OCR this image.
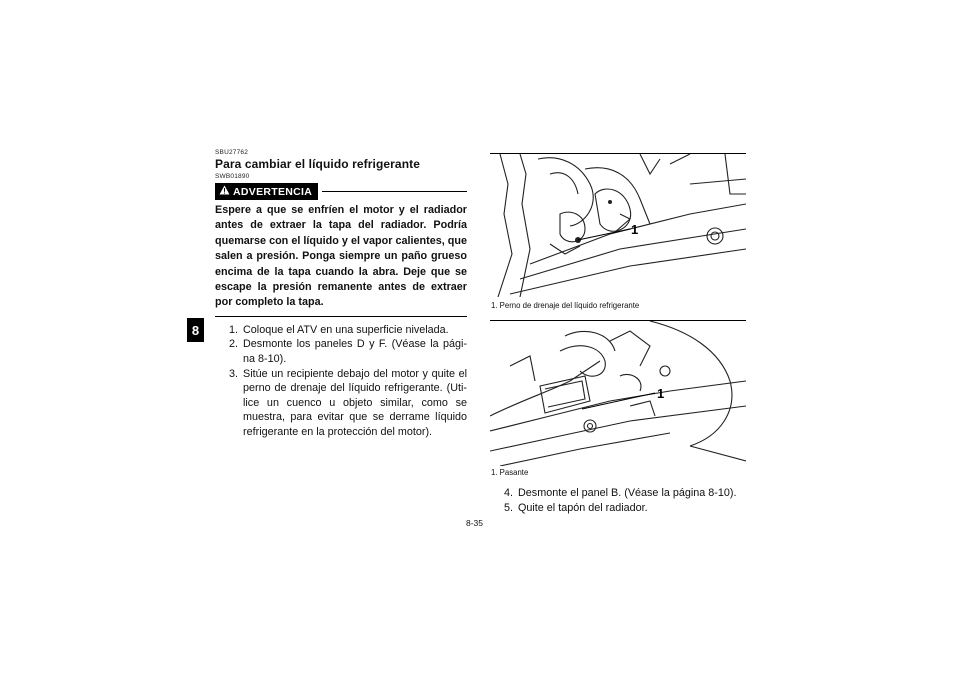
8
SBU27762
Para cambiar el líquido refrigerante
SWB01890
ADVERTENCIA
Espere a que se enfríen el motor y el radiador antes de extraer la tapa del radiador. Podría quemarse con el líquido y el vapor calientes, que salen a presión. Ponga siempre un paño grueso encima de la tapa cuando la abra. Deje que se escape la presión remanente antes de extraer por completo la tapa.
1. Coloque el ATV en una superficie nivelada.
2. Desmonte los paneles D y F. (Véase la pági-na 8-10).
3. Sitúe un recipiente debajo del motor y quite el perno de drenaje del líquido refrigerante. (Uti-lice un cuenco u objeto similar, como se muestra, para evitar que se derrame líquido refrigerante en la protección del motor).
1
1. Perno de drenaje del líquido refrigerante
1
1. Pasante
4. Desmonte el panel B. (Véase la página 8-10).
5. Quite el tapón del radiador.
8-35
